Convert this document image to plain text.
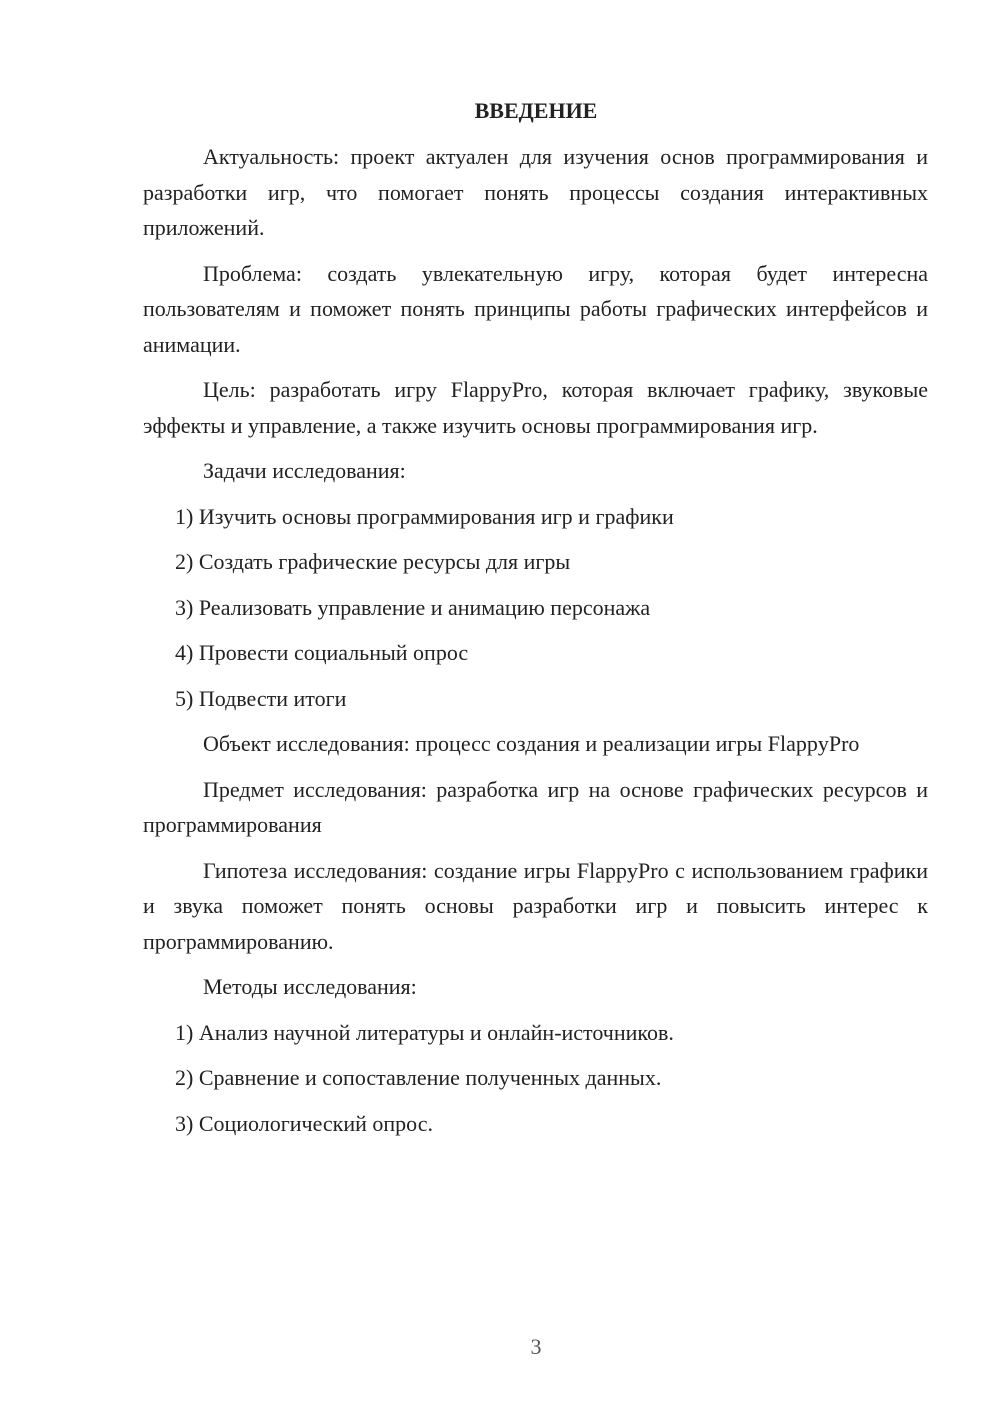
ВВЕДЕНИЕ

Актуальность: проект актуален для изучения основ программирования и разработки игр, что помогает понять процессы создания интерактивных приложений.

Проблема: создать увлекательную игру, которая будет интересна пользователям и поможет понять принципы работы графических интерфейсов и анимации.

Цель: разработать игру FlappyPro, которая включает графику, звуковые эффекты и управление, а также изучить основы программирования игр.

Задачи исследования:

1) Изучить основы программирования игр и графики

2) Создать графические ресурсы для игры

3) Реализовать управление и анимацию персонажа

4) Провести социальный опрос

5) Подвести итоги

Объект исследования: процесс создания и реализации игры FlappyPro

Предмет исследования: разработка игр на основе графических ресурсов и программирования

Гипотеза исследования: создание игры FlappyPro с использованием графики и звука поможет понять основы разработки игр и повысить интерес к программированию.

Методы исследования:

1) Анализ научной литературы и онлайн-источников.

2) Сравнение и сопоставление полученных данных.

3) Социологический опрос.

3
